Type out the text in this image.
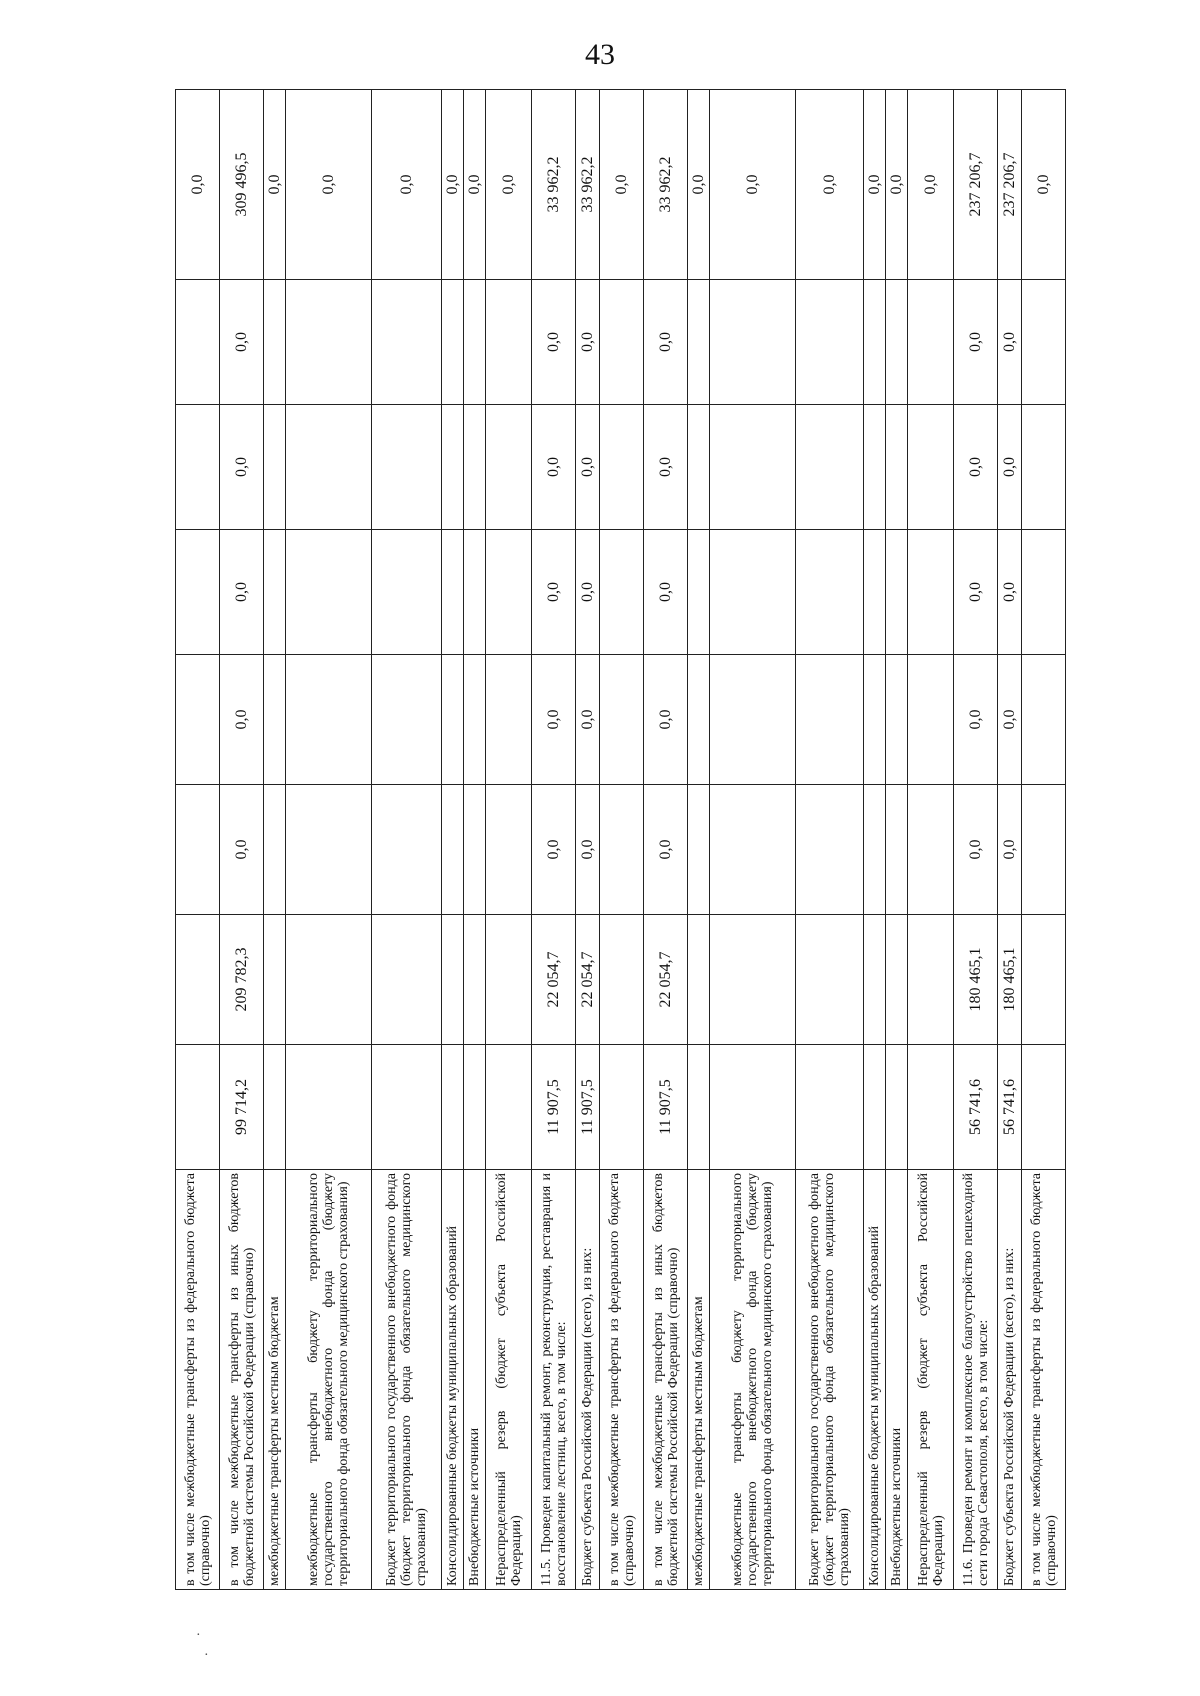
43
в том числе межбюджетные трансферты из федерального бюджета (справочно)								0,0
в том числе межбюджетные трансферты из иных бюджетов бюджетной системы Российской Федерации (справочно)	99 714,2	209 782,3	0,0	0,0	0,0	0,0	0,0	309 496,5
межбюджетные трансферты местным бюджетам								0,0
межбюджетные трансферты бюджету территориального государственного внебюджетного фонда (бюджету территориального фонда обязательного медицинского страхования)								0,0
Бюджет территориального государственного внебюджетного фонда (бюджет территориального фонда обязательного медицинского страхования)								0,0
Консолидированные бюджеты муниципальных образований								0,0
Внебюджетные источники								0,0
Нераспределенный резерв (бюджет субъекта Российской Федерации)								0,0
11.5. Проведен капитальный ремонт, реконструкция, реставрация и восстановление лестниц, всего, в том числе:	11 907,5	22 054,7	0,0	0,0	0,0	0,0	0,0	33 962,2
Бюджет субъекта Российской Федерации (всего), из них:	11 907,5	22 054,7	0,0	0,0	0,0	0,0	0,0	33 962,2
в том числе межбюджетные трансферты из федерального бюджета (справочно)								0,0
в том числе межбюджетные трансферты из иных бюджетов бюджетной системы Российской Федерации (справочно)	11 907,5	22 054,7	0,0	0,0	0,0	0,0	0,0	33 962,2
межбюджетные трансферты местным бюджетам								0,0
межбюджетные трансферты бюджету территориального государственного внебюджетного фонда (бюджету территориального фонда обязательного медицинского страхования)								0,0
Бюджет территориального государственного внебюджетного фонда (бюджет территориального фонда обязательного медицинского страхования)								0,0
Консолидированные бюджеты муниципальных образований								0,0
Внебюджетные источники								0,0
Нераспределенный резерв (бюджет субъекта Российской Федерации)								0,0
11.6. Проведен ремонт и комплексное благоустройство пешеходной сети города Севастополя, всего, в том числе:	56 741,6	180 465,1	0,0	0,0	0,0	0,0	0,0	237 206,7
Бюджет субъекта Российской Федерации (всего), из них:	56 741,6	180 465,1	0,0	0,0	0,0	0,0	0,0	237 206,7
в том числе межбюджетные трансферты из федерального бюджета (справочно)								0,0
·
·
